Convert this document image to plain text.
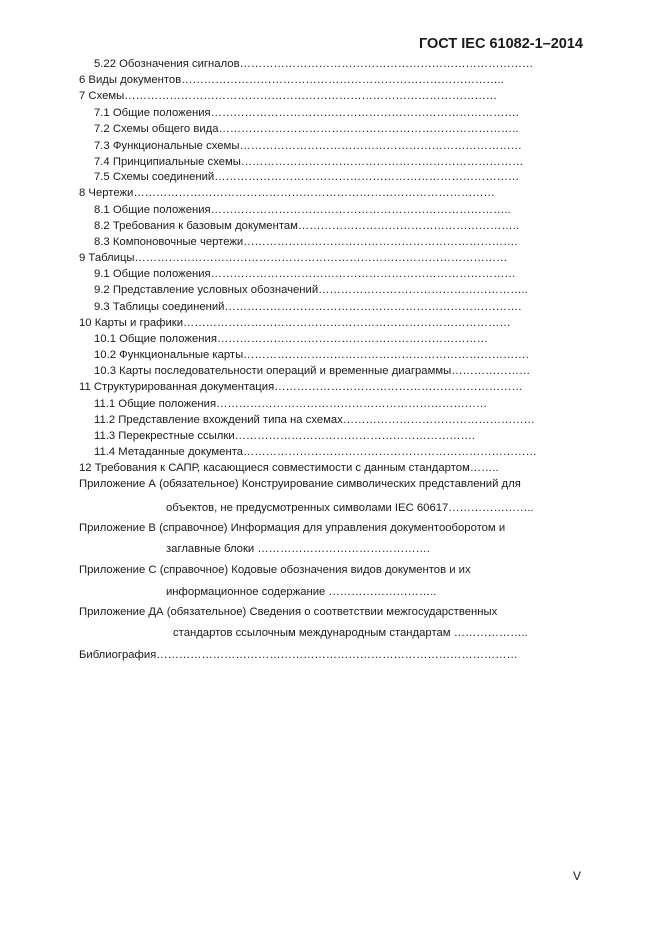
ГОСТ IEC 61082-1–2014
5.22 Обозначения сигналов……………………………………………………………………
6 Виды документов…………………………………………………………………………..
7 Схемы………………………………………………………………………………………
7.1 Общие положения……………………………………………………………………….
7.2 Схемы общего вида……………………………………………………………………..
7.3 Функциональные схемы…………………………………………………………………
7.4 Принципиальные схемы…………………………………………………………………
7.5 Схемы соединений………………………………………………………………………
8 Чертежи……………………………………………………………………………………
8.1 Общие положения……………………………………………………………………..
8.2 Требования к базовым документам…………………………………………………..
8.3 Компоновочные чертежи……………………………………………………………….
9 Таблицы………………………………………………………………………………………
9.1 Общие положения………………………………………………………………………
9.2 Представление условных обозначений………………………………………………..
9.3 Таблицы соединений…………………………………………………………………….
10 Карты и графики……………………………………………………………………………
10.1 Общие положения………………………………………………………………
10.2 Функциональные карты………………………………………………………………….
10.3 Карты последовательности операций и временные диаграммы…………………
11 Структурированная документация…………………………………………………………
11.1 Общие положения………………………………………………………………
11.2 Представление вхождений типа на схемах……………………………………………
11.3 Перекрестные ссылки……………………………………………………….
11.4 Метаданные документа……………………………………………………………………
12 Требования к САПР, касающиеся совместимости с данным стандартом……..
Приложение А (обязательное) Конструирование символических представлений для
объектов, не предусмотренных символами IEC 60617…………………..
Приложение В (справочное) Информация для управления документооборотом и
заглавные блоки ……………………………………….
Приложение С (справочное) Кодовые обозначения видов документов и их
информационное содержание ………………………..
Приложение ДА (обязательное) Сведения о соответствии межгосударственных
стандартов ссылочным международным стандартам ………………..
Библиография……………………………………………………………………………………
V
